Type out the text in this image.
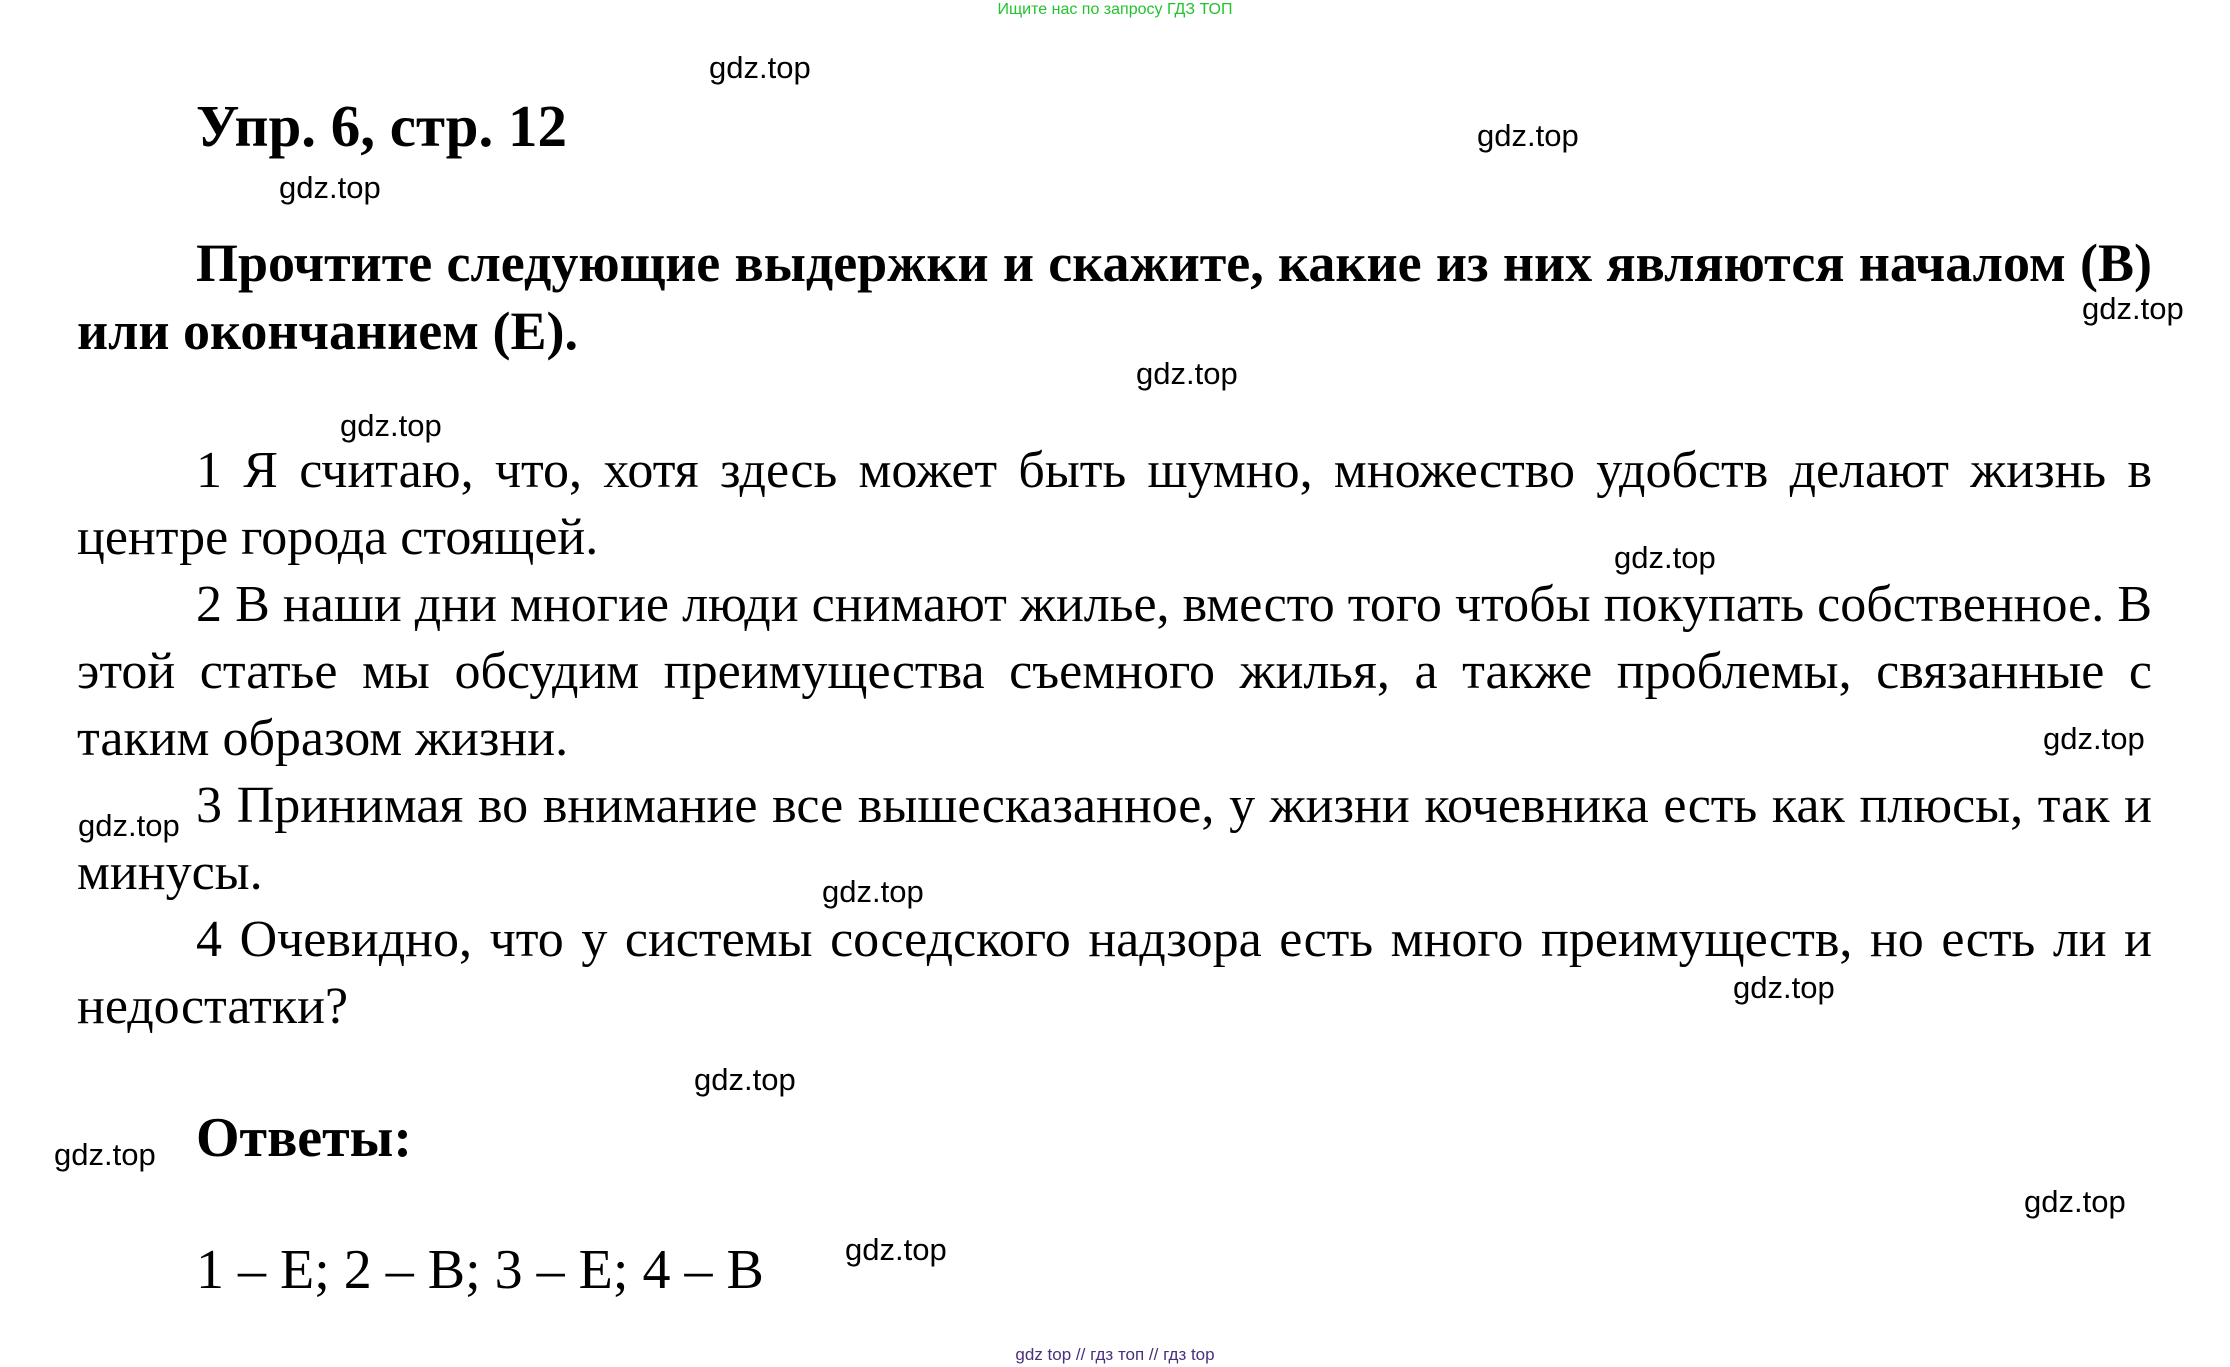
Ищите нас по запросу ГДЗ ТОП
Упр. 6, стр. 12
Прочтите следующие выдержки и скажите, какие из них являются началом (B) или окончанием (E).
1 Я считаю, что, хотя здесь может быть шумно, множество удобств делают жизнь в центре города стоящей.
2 В наши дни многие люди снимают жилье, вместо того чтобы покупать собственное. В этой статье мы обсудим преимущества съемного жилья, а также проблемы, связанные с таким образом жизни.
3 Принимая во внимание все вышесказанное, у жизни кочевника есть как плюсы, так и минусы.
4 Очевидно, что у системы соседского надзора есть много преимуществ, но есть ли и недостатки?
Ответы:
1 – E; 2 – B; 3 – E; 4 – B
gdz.top
gdz.top
gdz.top
gdz.top
gdz.top
gdz.top
gdz.top
gdz.top
gdz.top
gdz.top
gdz.top
gdz.top
gdz.top
gdz.top
gdz.top
gdz top // гдз топ // гдз top
